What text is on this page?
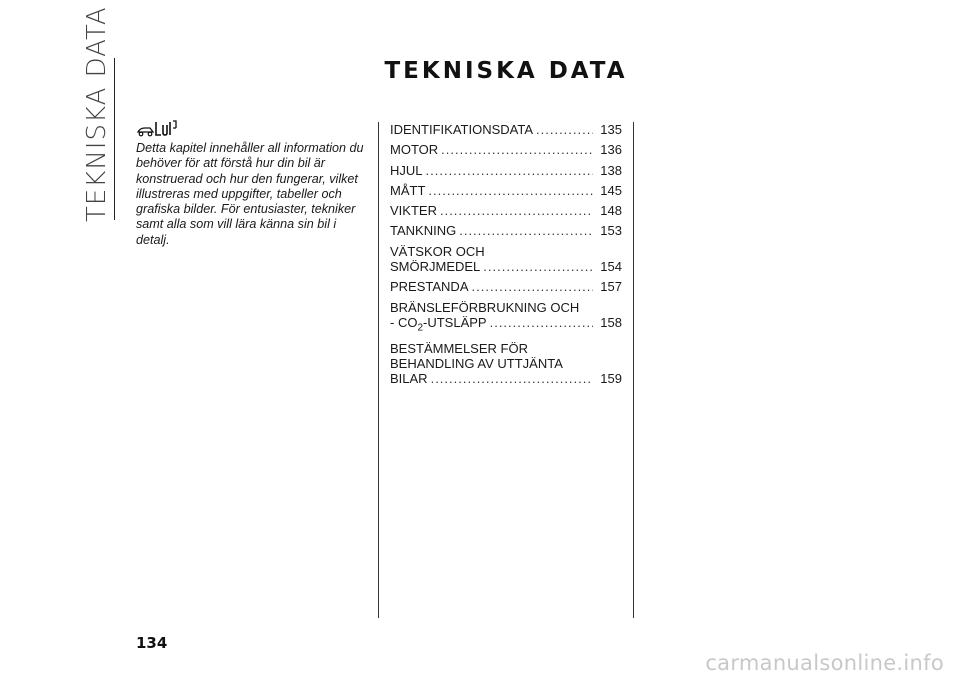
TEKNISKA DATA	TEKNISKA DATA
Detta kapitel innehåller all information du behöver för att förstå hur din bil är konstruerad och hur den fungerar, vilket illustreras med uppgifter, tabeller och grafiska bilder. För entusiaster, tekniker samt alla som vill lära känna sin bil i detalj.
IDENTIFIKATIONSDATA .....	135
MOTOR .....	136
HJUL .....	138
MÅTT .....	145
VIKTER .....	148
TANKNING .....	153
VÄTSKOR OCH
SMÖRJMEDEL .....	154
PRESTANDA .....	157
BRÄNSLEFÖRBRUKNING OCH
- $CO_2$-UTSLÄPP .....	158
BESTÄMMELSER FÖR
BEHANDLING AV UTTJÄNTA
BILAR .....	159
134
carmanualsonline.info
